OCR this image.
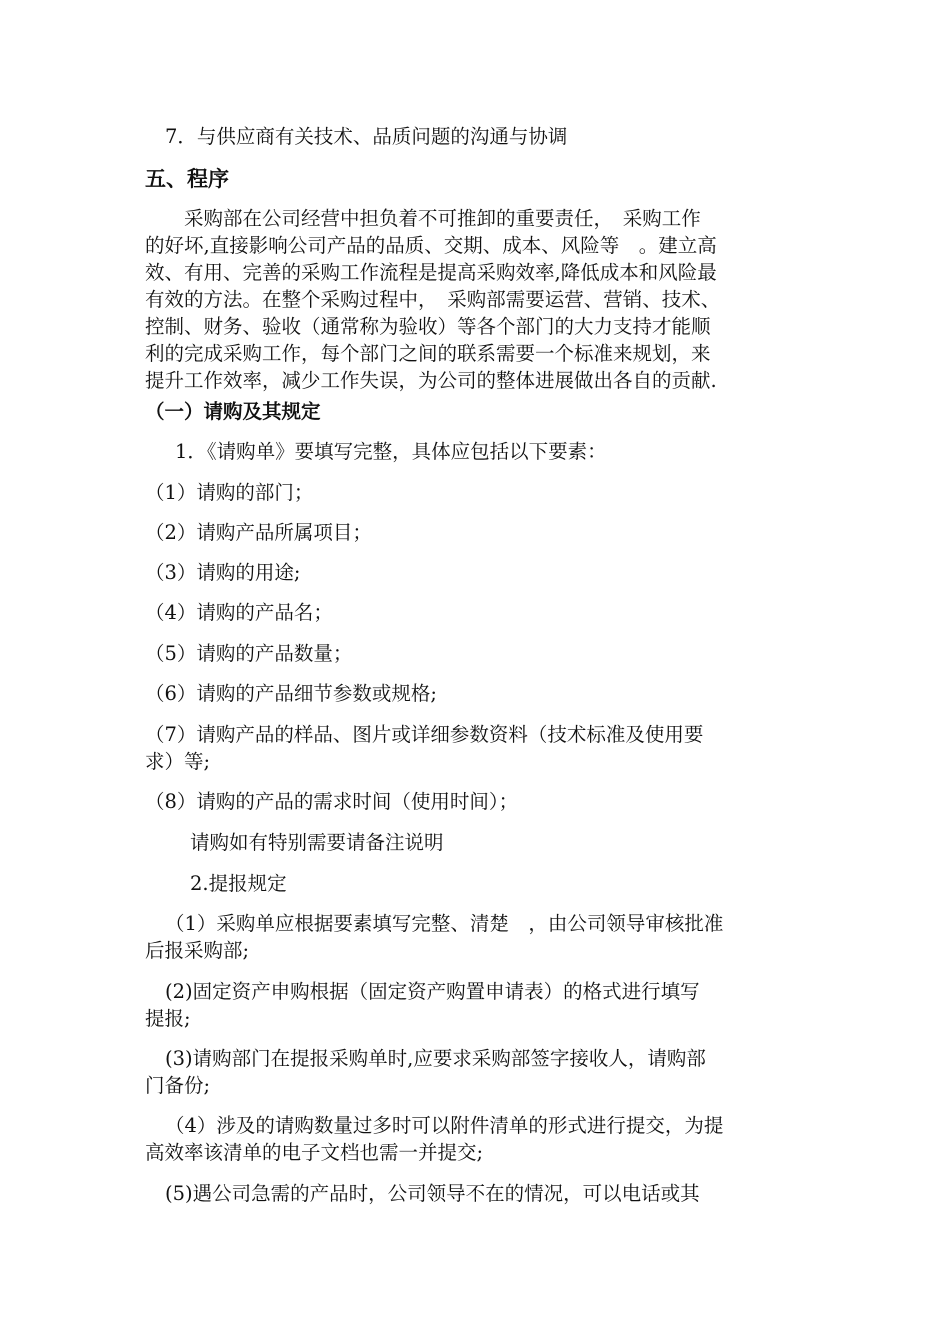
7．与供应商有关技术、品质问题的沟通与协调
五、程序
　　采购部在公司经营中担负着不可推卸的重要责任，　采购工作
的好坏,直接影响公司产品的品质、交期、成本、风险等　。建立高
效、有用、完善的采购工作流程是提高采购效率,降低成本和风险最
有效的方法。在整个采购过程中，　采购部需要运营、营销、技术、
控制、财务、验收（通常称为验收）等各个部门的大力支持才能顺
利的完成采购工作，每个部门之间的联系需要一个标准来规划，来
提升工作效率，减少工作失误，为公司的整体进展做出各自的贡献.
（一）请购及其规定
1．《请购单》要填写完整，具体应包括以下要素：
（1）请购的部门；
（2）请购产品所属项目；
（3）请购的用途;
（4）请购的产品名；
（5）请购的产品数量；
（6）请购的产品细节参数或规格;
（7）请购产品的样品、图片或详细参数资料（技术标准及使用要
求）等;
（8）请购的产品的需求时间（使用时间）；
请购如有特别需要请备注说明
2.提报规定
（1）采购单应根据要素填写完整、清楚　，由公司领导审核批准
后报采购部;
(2)固定资产申购根据（固定资产购置申请表）的格式进行填写
提报;
(3)请购部门在提报采购单时,应要求采购部签字接收人，请购部
门备份;
（4）涉及的请购数量过多时可以附件清单的形式进行提交，为提
高效率该清单的电子文档也需一并提交;
(5)遇公司急需的产品时，公司领导不在的情况，可以电话或其
